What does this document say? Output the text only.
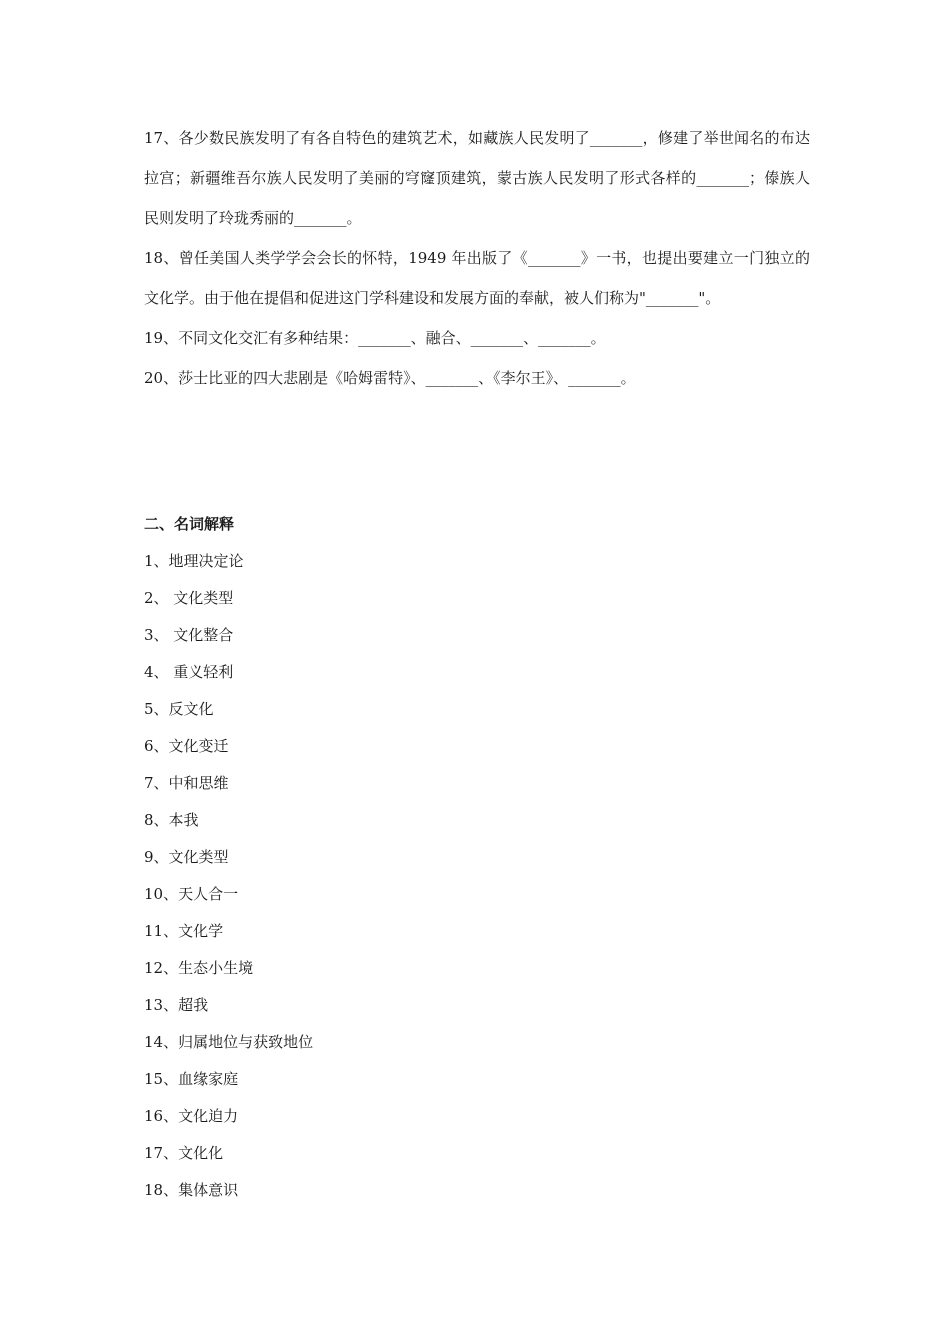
17、各少数民族发明了有各自特色的建筑艺术，如藏族人民发明了_______，修建了举世闻名的布达拉宫；新疆维吾尔族人民发明了美丽的穹窿顶建筑，蒙古族人民发明了形式各样的_______；傣族人民则发明了玲珑秀丽的_______。

18、曾任美国人类学学会会长的怀特，1949 年出版了《_______》一书，也提出要建立一门独立的文化学。由于他在提倡和促进这门学科建设和发展方面的奉献，被人们称为"_______"。

19、不同文化交汇有多种结果：_______、融合、_______、_______。

20、莎士比亚的四大悲剧是《哈姆雷特》、_______、《李尔王》、_______。

二、名词解释
1、地理决定论
2、 文化类型
3、 文化整合
4、 重义轻利
5、反文化
6、文化变迁
7、中和思维
8、本我
9、文化类型
10、天人合一
11、文化学
12、生态小生境
13、超我
14、归属地位与获致地位
15、血缘家庭
16、文化迫力
17、文化化
18、集体意识
